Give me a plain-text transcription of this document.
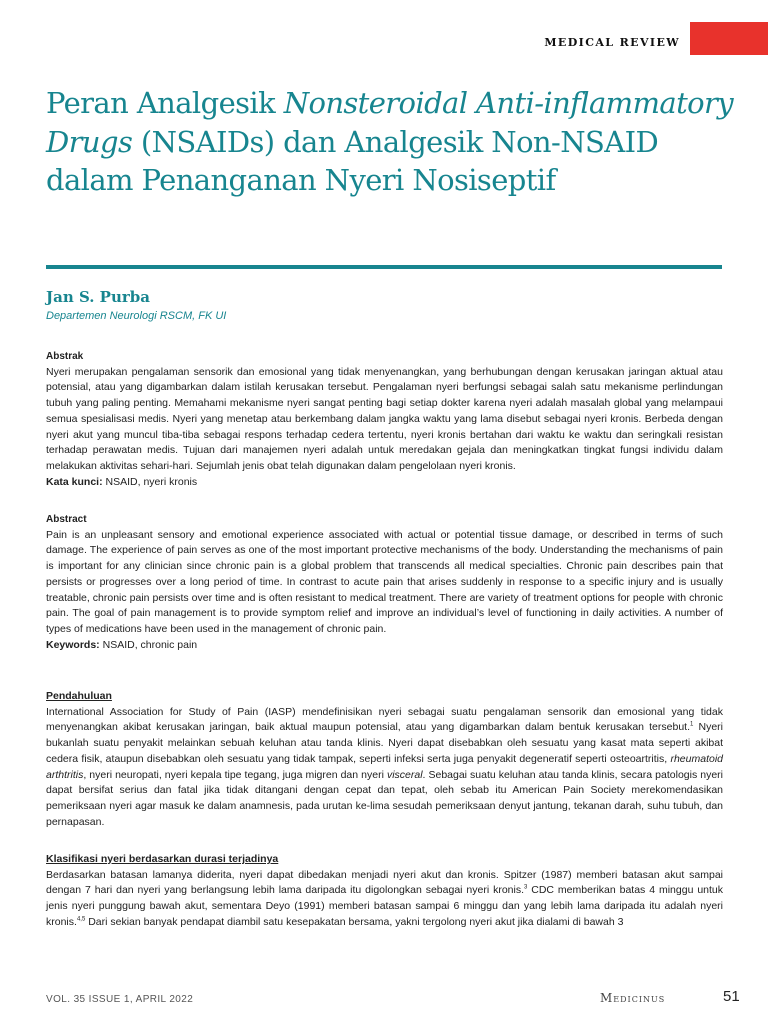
MEDICAL REVIEW
Peran Analgesik Nonsteroidal Anti-inflammatory Drugs (NSAIDs) dan Analgesik Non-NSAID dalam Penanganan Nyeri Nosiseptif
Jan S. Purba
Departemen Neurologi RSCM, FK UI
Abstrak

Nyeri merupakan pengalaman sensorik dan emosional yang tidak menyenangkan, yang berhubungan dengan kerusakan jaringan aktual atau potensial, atau yang digambarkan dalam istilah kerusakan tersebut. Pengalaman nyeri berfungsi sebagai salah satu mekanisme perlindungan tubuh yang paling penting. Memahami mekanisme nyeri sangat penting bagi setiap dokter karena nyeri adalah masalah global yang melampaui semua spesialisasi medis. Nyeri yang menetap atau berkembang dalam jangka waktu yang lama disebut sebagai nyeri kronis. Berbeda dengan nyeri akut yang muncul tiba-tiba sebagai respons terhadap cedera tertentu, nyeri kronis bertahan dari waktu ke waktu dan seringkali resistan terhadap perawatan medis. Tujuan dari manajemen nyeri adalah untuk meredakan gejala dan meningkatkan tingkat fungsi individu dalam melakukan aktivitas sehari-hari. Sejumlah jenis obat telah digunakan dalam pengelolaan nyeri kronis.

Kata kunci: NSAID, nyeri kronis
Abstract

Pain is an unpleasant sensory and emotional experience associated with actual or potential tissue damage, or described in terms of such damage. The experience of pain serves as one of the most important protective mechanisms of the body. Understanding the mechanisms of pain is important for any clinician since chronic pain is a global problem that transcends all medical specialties. Chronic pain describes pain that persists or progresses over a long period of time. In contrast to acute pain that arises suddenly in response to a specific injury and is usually treatable, chronic pain persists over time and is often resistant to medical treatment. There are variety of treatment options for people with chronic pain. The goal of pain management is to provide symptom relief and improve an individual’s level of functioning in daily activities. A number of types of medications have been used in the management of chronic pain.

Keywords: NSAID, chronic pain
Pendahuluan

International Association for Study of Pain (IASP) mendefinisikan nyeri sebagai suatu pengalaman sensorik dan emosional yang tidak menyenangkan akibat kerusakan jaringan, baik aktual maupun potensial, atau yang digambarkan dalam bentuk kerusakan tersebut.$^1$ Nyeri bukanlah suatu penyakit melainkan sebuah keluhan atau tanda klinis. Nyeri dapat disebabkan oleh sesuatu yang kasat mata seperti akibat cedera fisik, ataupun disebabkan oleh sesuatu yang tidak tampak, seperti infeksi serta juga penyakit degeneratif seperti osteoartritis, rheumatoid arthtritis, nyeri neuropati, nyeri kepala tipe tegang, juga migren dan nyeri visceral. Sebagai suatu keluhan atau tanda klinis, secara patologis nyeri dapat bersifat serius dan fatal jika tidak ditangani dengan cepat dan tepat, oleh sebab itu American Pain Society merekomendasikan pemeriksaan nyeri agar masuk ke dalam anamnesis, pada urutan ke-lima sesudah pemeriksaan denyut jantung, tekanan darah, suhu tubuh, dan pernapasan.

Klasifikasi nyeri berdasarkan durasi terjadinya

Berdasarkan batasan lamanya diderita, nyeri dapat dibedakan menjadi nyeri akut dan kronis. Spitzer (1987) memberi batasan akut sampai dengan 7 hari dan nyeri yang berlangsung lebih lama daripada itu digolongkan sebagai nyeri kronis.$^3$ CDC memberikan batas 4 minggu untuk jenis nyeri punggung bawah akut, sementara Deyo (1991) memberi batasan sampai 6 minggu dan yang lebih lama daripada itu adalah nyeri kronis.$^{4,5}$ Dari sekian banyak pendapat diambil satu kesepakatan bersama, yakni tergolong nyeri akut jika dialami di bawah 3

VOL. 35 ISSUE 1, APRIL 2022	Medicinus	51
